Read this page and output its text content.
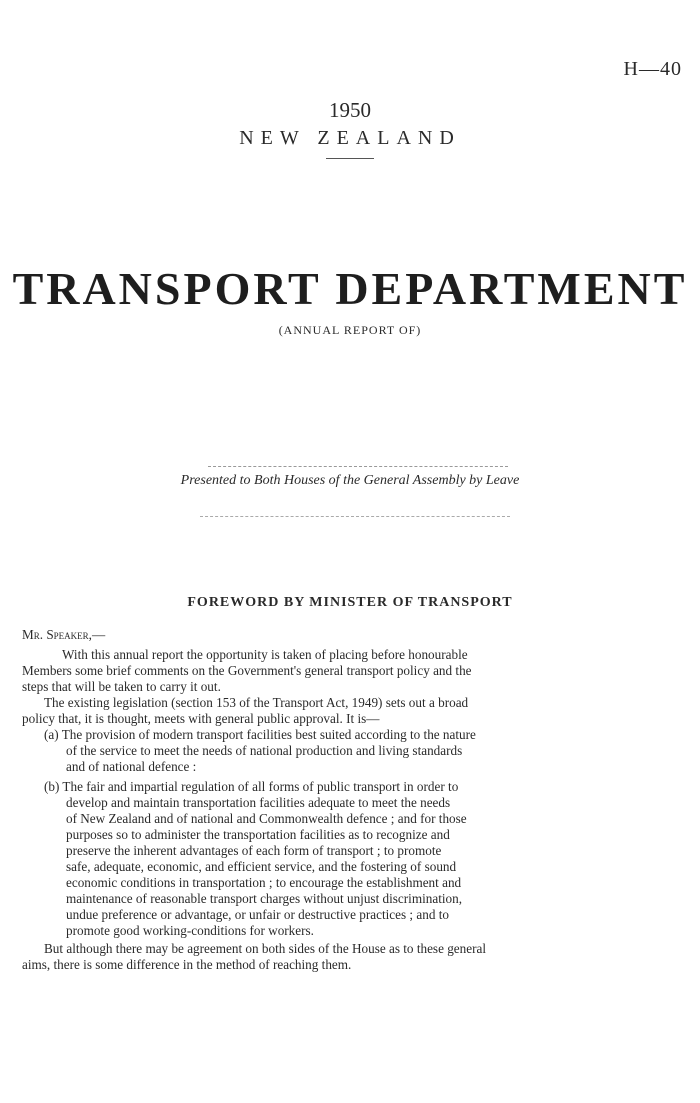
H—40
1950
NEW ZEALAND
TRANSPORT DEPARTMENT
(ANNUAL REPORT OF)
Presented to Both Houses of the General Assembly by Leave
FOREWORD BY MINISTER OF TRANSPORT
Mr. Speaker,—
With this annual report the opportunity is taken of placing before honourable
Members some brief comments on the Government's general transport policy and the
steps that will be taken to carry it out.
The existing legislation (section 153 of the Transport Act, 1949) sets out a broad
policy that, it is thought, meets with general public approval. It is—
(a) The provision of modern transport facilities best suited according to the nature
of the service to meet the needs of national production and living standards
and of national defence :
(b) The fair and impartial regulation of all forms of public transport in order to
develop and maintain transportation facilities adequate to meet the needs
of New Zealand and of national and Commonwealth defence ; and for those
purposes so to administer the transportation facilities as to recognize and
preserve the inherent advantages of each form of transport ; to promote
safe, adequate, economic, and efficient service, and the fostering of sound
economic conditions in transportation ; to encourage the establishment and
maintenance of reasonable transport charges without unjust discrimination,
undue preference or advantage, or unfair or destructive practices ; and to
promote good working-conditions for workers.
But although there may be agreement on both sides of the House as to these general
aims, there is some difference in the method of reaching them.
